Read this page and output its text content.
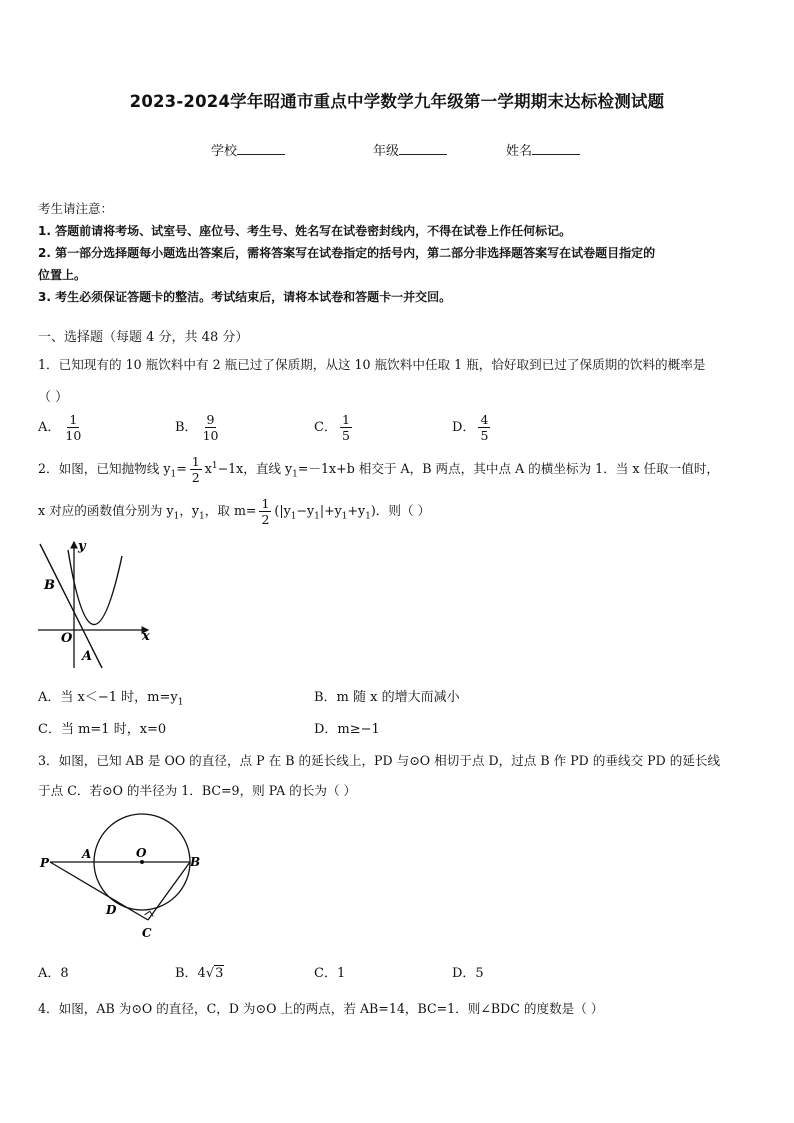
2023-2024学年昭通市重点中学数学九年级第一学期期末达标检测试题
学校	年级	姓名
考生请注意：
1. 答题前请将考场、试室号、座位号、考生号、姓名写在试卷密封线内，不得在试卷上作任何标记。
2. 第一部分选择题每小题选出答案后，需将答案写在试卷指定的括号内，第二部分非选择题答案写在试卷题目指定的
位置上。
3. 考生必须保证答题卡的整洁。考试结束后，请将本试卷和答题卡一并交回。
一、选择题（每题 4 分，共 48 分）
1．已知现有的 10 瓶饮料中有 2 瓶已过了保质期，从这 10 瓶饮料中任取 1 瓶，恰好取到已过了保质期的饮料的概率是
（ ）
A． $\frac{1}{10}$	B． $\frac{9}{10}$	C． $\frac{1}{5}$	D． $\frac{4}{5}$
2．如图，已知抛物线 $y_1= \frac{1}{2} x^1-1x$，直线 $y_1=-1x+b$ 相交于 A，B 两点，其中点 A 的横坐标为 1．当 x 任取一值时，
x 对应的函数值分别为 $y_1$，$y_1$，取 $m= \frac{1}{2} (|y_1-y_1|+y_1+y_1)$．则（ ）
B
O
A
x
y
A．当 x＜−1 时，$m=y_1$	B．m 随 x 的增大而减小
C．当 m=1 时，x=0	D．m≥−1
3．如图，已知 AB 是 OO 的直径，点 P 在 B 的延长线上，PD 与⊙O 相切于点 D，过点 B 作 PD 的垂线交 PD 的延长线
于点 C．若⊙O 的半径为 1．BC=9，则 PA 的长为（ ）
P
A	O
B
D
C
A．8	B．4√3	C．1	D．5
4．如图，AB 为⊙O 的直径，C，D 为⊙O 上的两点，若 AB=14，BC=1．则∠BDC 的度数是（ ）
